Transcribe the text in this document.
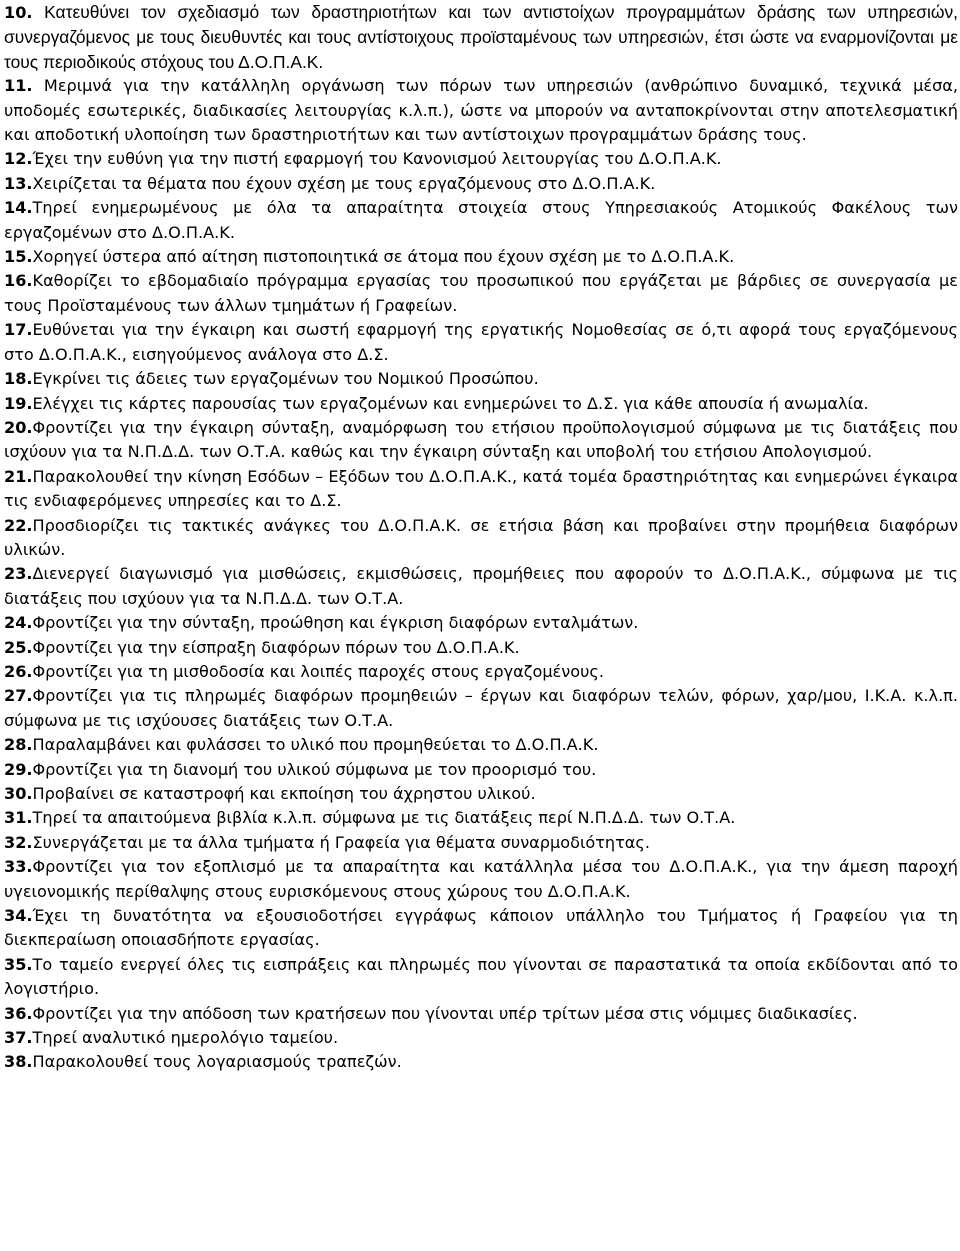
10. Κατευθύνει τον σχεδιασμό των δραστηριοτήτων και των αντιστοίχων προγραμμάτων δράσης των υπηρεσιών, συνεργαζόμενος με τους διευθυντές και τους αντίστοιχους προϊσταμένους των υπηρεσιών, έτσι ώστε να εναρμονίζονται με τους περιοδικούς στόχους του Δ.Ο.Π.Α.Κ.

11. Μεριμνά για την κατάλληλη οργάνωση των πόρων των υπηρεσιών (ανθρώπινο δυναμικό, τεχνικά μέσα, υποδομές εσωτερικές, διαδικασίες λειτουργίας κ.λ.π.), ώστε να μπορούν να ανταποκρίνονται στην αποτελεσματική και αποδοτική υλοποίηση των δραστηριοτήτων και των αντίστοιχων προγραμμάτων δράσης τους.

12.Έχει την ευθύνη για την πιστή εφαρμογή του Κανονισμού λειτουργίας του Δ.Ο.Π.Α.Κ.

13.Χειρίζεται τα θέματα που έχουν σχέση με τους εργαζόμενους στο Δ.Ο.Π.Α.Κ.

14.Τηρεί ενημερωμένους με όλα τα απαραίτητα στοιχεία στους Υπηρεσιακούς Ατομικούς Φακέλους των εργαζομένων στο Δ.Ο.Π.Α.Κ.

15.Χορηγεί ύστερα από αίτηση πιστοποιητικά σε άτομα που έχουν σχέση με το Δ.Ο.Π.Α.Κ.

16.Καθορίζει το εβδομαδιαίο πρόγραμμα εργασίας του προσωπικού που εργάζεται με βάρδιες σε συνεργασία με τους Προϊσταμένους των άλλων τμημάτων ή Γραφείων.

17.Ευθύνεται για την έγκαιρη και σωστή εφαρμογή της εργατικής Νομοθεσίας σε ό,τι αφορά τους εργαζόμενους στο Δ.Ο.Π.Α.Κ., εισηγούμενος ανάλογα στο Δ.Σ.

18.Εγκρίνει τις άδειες των εργαζομένων του Νομικού Προσώπου.

19.Ελέγχει τις κάρτες παρουσίας των εργαζομένων και ενημερώνει το Δ.Σ. για κάθε απουσία ή ανωμαλία.

20.Φροντίζει για την έγκαιρη σύνταξη, αναμόρφωση του ετήσιου προϋπολογισμού σύμφωνα με τις διατάξεις που ισχύουν για τα Ν.Π.Δ.Δ. των Ο.Τ.Α. καθώς και την έγκαιρη σύνταξη και υποβολή του ετήσιου Απολογισμού.

21.Παρακολουθεί την κίνηση Εσόδων – Εξόδων του Δ.Ο.Π.Α.Κ., κατά τομέα δραστηριότητας και ενημερώνει έγκαιρα τις ενδιαφερόμενες υπηρεσίες και το Δ.Σ.

22.Προσδιορίζει τις τακτικές ανάγκες του Δ.Ο.Π.Α.Κ. σε ετήσια βάση και προβαίνει στην προμήθεια διαφόρων υλικών.

23.Διενεργεί διαγωνισμό για μισθώσεις, εκμισθώσεις, προμήθειες που αφορούν το Δ.Ο.Π.Α.Κ., σύμφωνα με τις διατάξεις που ισχύουν για τα Ν.Π.Δ.Δ. των Ο.Τ.Α.

24.Φροντίζει για την σύνταξη, προώθηση και έγκριση διαφόρων ενταλμάτων.

25.Φροντίζει για την είσπραξη διαφόρων πόρων του Δ.Ο.Π.Α.Κ.

26.Φροντίζει για τη μισθοδοσία και λοιπές παροχές στους εργαζομένους.

27.Φροντίζει για τις πληρωμές διαφόρων προμηθειών – έργων και διαφόρων τελών, φόρων, χαρ/μου, Ι.Κ.Α. κ.λ.π. σύμφωνα με τις ισχύουσες διατάξεις των Ο.Τ.Α.

28.Παραλαμβάνει και φυλάσσει το υλικό που προμηθεύεται το Δ.Ο.Π.Α.Κ.

29.Φροντίζει για τη διανομή του υλικού σύμφωνα με τον προορισμό του.

30.Προβαίνει σε καταστροφή και εκποίηση του άχρηστου υλικού.

31.Τηρεί τα απαιτούμενα βιβλία κ.λ.π. σύμφωνα με τις διατάξεις περί Ν.Π.Δ.Δ. των Ο.Τ.Α.

32.Συνεργάζεται με τα άλλα τμήματα ή Γραφεία για θέματα συναρμοδιότητας.

33.Φροντίζει για τον εξοπλισμό με τα απαραίτητα και κατάλληλα μέσα του Δ.Ο.Π.Α.Κ., για την άμεση παροχή υγειονομικής περίθαλψης στους ευρισκόμενους στους χώρους του Δ.Ο.Π.Α.Κ.

34.Έχει τη δυνατότητα να εξουσιοδοτήσει εγγράφως κάποιον υπάλληλο του Τμήματος ή Γραφείου για τη διεκπεραίωση οποιασδήποτε εργασίας.

35.Το ταμείο ενεργεί όλες τις εισπράξεις και πληρωμές που γίνονται σε παραστατικά τα οποία εκδίδονται από το λογιστήριο.

36.Φροντίζει για την απόδοση των κρατήσεων που γίνονται υπέρ τρίτων μέσα στις νόμιμες διαδικασίες.

37.Τηρεί αναλυτικό ημερολόγιο ταμείου.

38.Παρακολουθεί τους λογαριασμούς τραπεζών.
